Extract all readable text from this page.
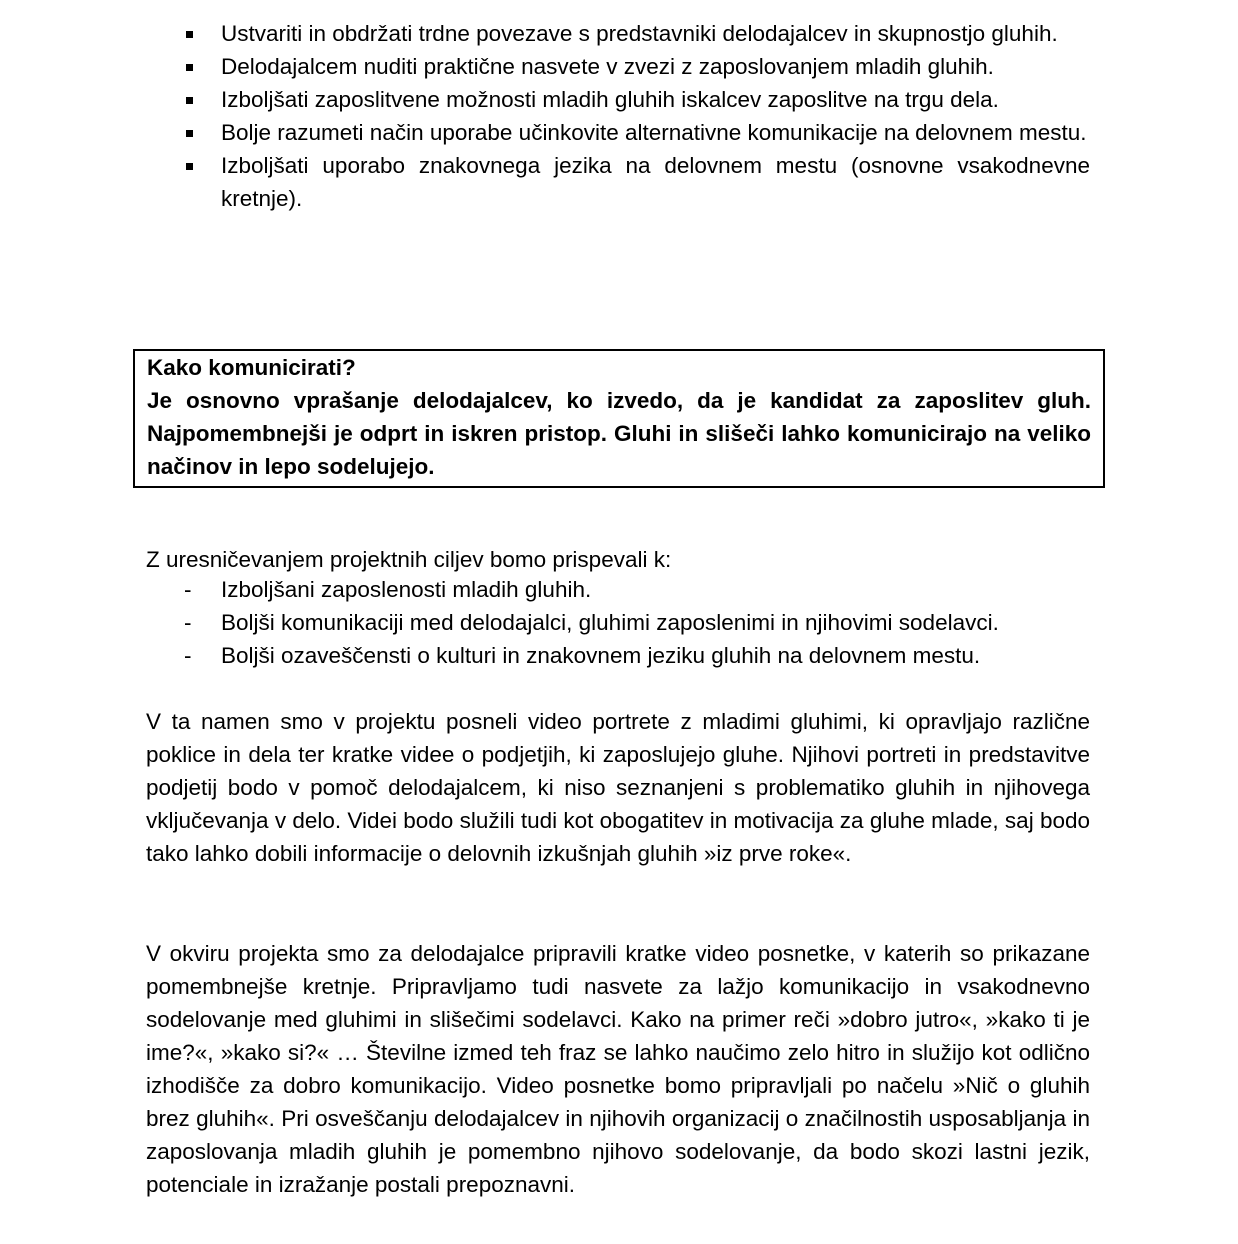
Ustvariti in obdržati trdne povezave s predstavniki delodajalcev in skupnostjo gluhih.
Delodajalcem nuditi praktične nasvete v zvezi z zaposlovanjem mladih gluhih.
Izboljšati zaposlitvene možnosti mladih gluhih iskalcev zaposlitve na trgu dela.
Bolje razumeti način uporabe učinkovite alternativne komunikacije na delovnem mestu.
Izboljšati uporabo znakovnega jezika na delovnem mestu (osnovne vsakodnevne kretnje).

Kako komunicirati?

Je osnovno vprašanje delodajalcev, ko izvedo, da je kandidat za zaposlitev gluh. Najpomembnejši je odprt in iskren pristop. Gluhi in slišeči lahko komunicirajo na veliko načinov in lepo sodelujejo.

Z uresničevanjem projektnih ciljev bomo prispevali k:

- Izboljšani zaposlenosti mladih gluhih.
- Boljši komunikaciji med delodajalci, gluhimi zaposlenimi in njihovimi sodelavci.
- Boljši ozaveščensti o kulturi in znakovnem jeziku gluhih na delovnem mestu.

V ta namen smo v projektu posneli video portrete z mladimi gluhimi, ki opravljajo različne poklice in dela ter kratke videe o podjetjih, ki zaposlujejo gluhe. Njihovi portreti in predstavitve podjetij bodo v pomoč delodajalcem, ki niso seznanjeni s problematiko gluhih in njihovega vključevanja v delo. Videi bodo služili tudi kot obogatitev in motivacija za gluhe mlade, saj bodo tako lahko dobili informacije o delovnih izkušnjah gluhih »iz prve roke«.

V okviru projekta smo za delodajalce pripravili kratke video posnetke, v katerih so prikazane pomembnejše kretnje. Pripravljamo tudi nasvete za lažjo komunikacijo in vsakodnevno sodelovanje med gluhimi in slišečimi sodelavci. Kako na primer reči »dobro jutro«, »kako ti je ime?«, »kako si?« … Številne izmed teh fraz se lahko naučimo zelo hitro in služijo kot odlično izhodišče za dobro komunikacijo. Video posnetke bomo pripravljali po načelu »Nič o gluhih brez gluhih«. Pri osveščanju delodajalcev in njihovih organizacij o značilnostih usposabljanja in zaposlovanja mladih gluhih je pomembno njihovo sodelovanje, da bodo skozi lastni jezik, potenciale in izražanje postali prepoznavni.
